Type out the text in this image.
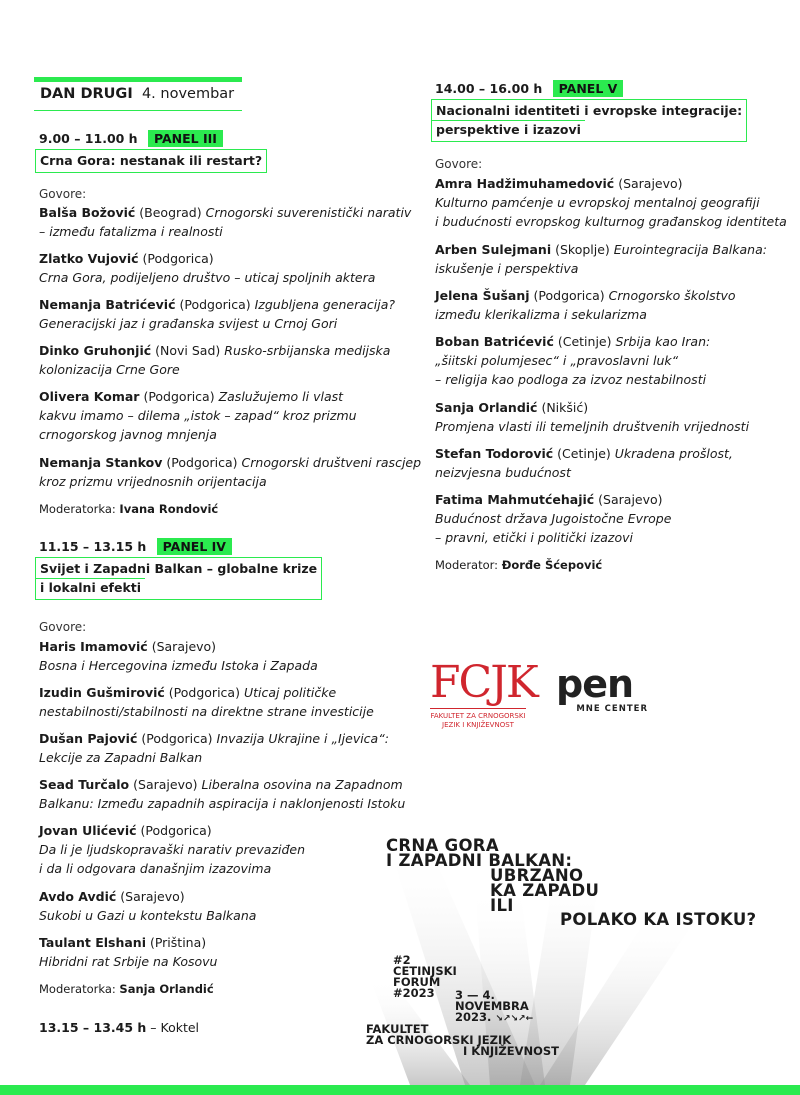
DAN DRUGI 4. novembar
9.00 – 11.00 h PANEL III
Crna Gora: nestanak ili restart?
Govore:
Balša Božović (Beograd) Crnogorski suverenistički narativ
– između fatalizma i realnosti
Zlatko Vujović (Podgorica)
Crna Gora, podijeljeno društvo – uticaj spoljnih aktera
Nemanja Batrićević (Podgorica) Izgubljena generacija?
Generacijski jaz i građanska svijest u Crnoj Gori
Dinko Gruhonjić (Novi Sad) Rusko-srbijanska medijska
kolonizacija Crne Gore
Olivera Komar (Podgorica) Zaslužujemo li vlast
kakvu imamo – dilema „istok – zapad“ kroz prizmu
crnogorskog javnog mnjenja
Nemanja Stankov (Podgorica) Crnogorski društveni rascjep
kroz prizmu vrijednosnih orijentacija
Moderatorka: Ivana Rondović
11.15 – 13.15 h PANEL IV
Svijet i Zapadni Balkan – globalne krize
i lokalni efekti
Govore:
Haris Imamović (Sarajevo)
Bosna i Hercegovina između Istoka i Zapada
Izudin Gušmirović (Podgorica) Uticaj političke
nestabilnosti/stabilnosti na direktne strane investicije
Dušan Pajović (Podgorica) Invazija Ukrajine i „Ijevica“:
Lekcije za Zapadni Balkan
Sead Turčalo (Sarajevo) Liberalna osovina na Zapadnom
Balkanu: Između zapadnih aspiracija i naklonjenosti Istoku
Jovan Ulićević (Podgorica)
Da li je ljudskopravaški narativ prevaziđen
i da li odgovara današnjim izazovima
Avdo Avdić (Sarajevo)
Sukobi u Gazi u kontekstu Balkana
Taulant Elshani (Priština)
Hibridni rat Srbije na Kosovu
Moderatorka: Sanja Orlandić
13.15 – 13.45 h – Koktel
14.00 – 16.00 h PANEL V
Nacionalni identiteti i evropske integracije:
perspektive i izazovi
Govore:
Amra Hadžimuhamedović (Sarajevo)
Kulturno pamćenje u evropskoj mentalnoj geografiji
i budućnosti evropskog kulturnog građanskog identiteta
Arben Sulejmani (Skoplje) Eurointegracija Balkana:
iskušenje i perspektiva
Jelena Šušanj (Podgorica) Crnogorsko školstvo
između klerikalizma i sekularizma
Boban Batrićević (Cetinje) Srbija kao Iran:
„šiitski polumjesec“ i „pravoslavni luk“
– religija kao podloga za izvoz nestabilnosti
Sanja Orlandić (Nikšić)
Promjena vlasti ili temeljnih društvenih vrijednosti
Stefan Todorović (Cetinje) Ukradena prošlost,
neizvjesna budućnost
Fatima Mahmutćehajić (Sarajevo)
Budućnost država Jugoistočne Evrope
– pravni, etički i politički izazovi
Moderator: Đorđe Šćepović
FCJK
FAKULTET ZA CRNOGORSKI
JEZIK I KNJIŽEVNOST
pen
MNE CENTER
CRNA GORA
I ZAPADNI BALKAN:
UBRZANO
KA ZAPADU
ILI
POLAKO KA ISTOKU?
#2
CETINJSKI
FORUM
#2023	3 — 4.
NOVEMBRA
2023. ↘↗↘↗←
FAKULTET
ZA CRNOGORSKI JEZIK
I KNJIŽEVNOST
